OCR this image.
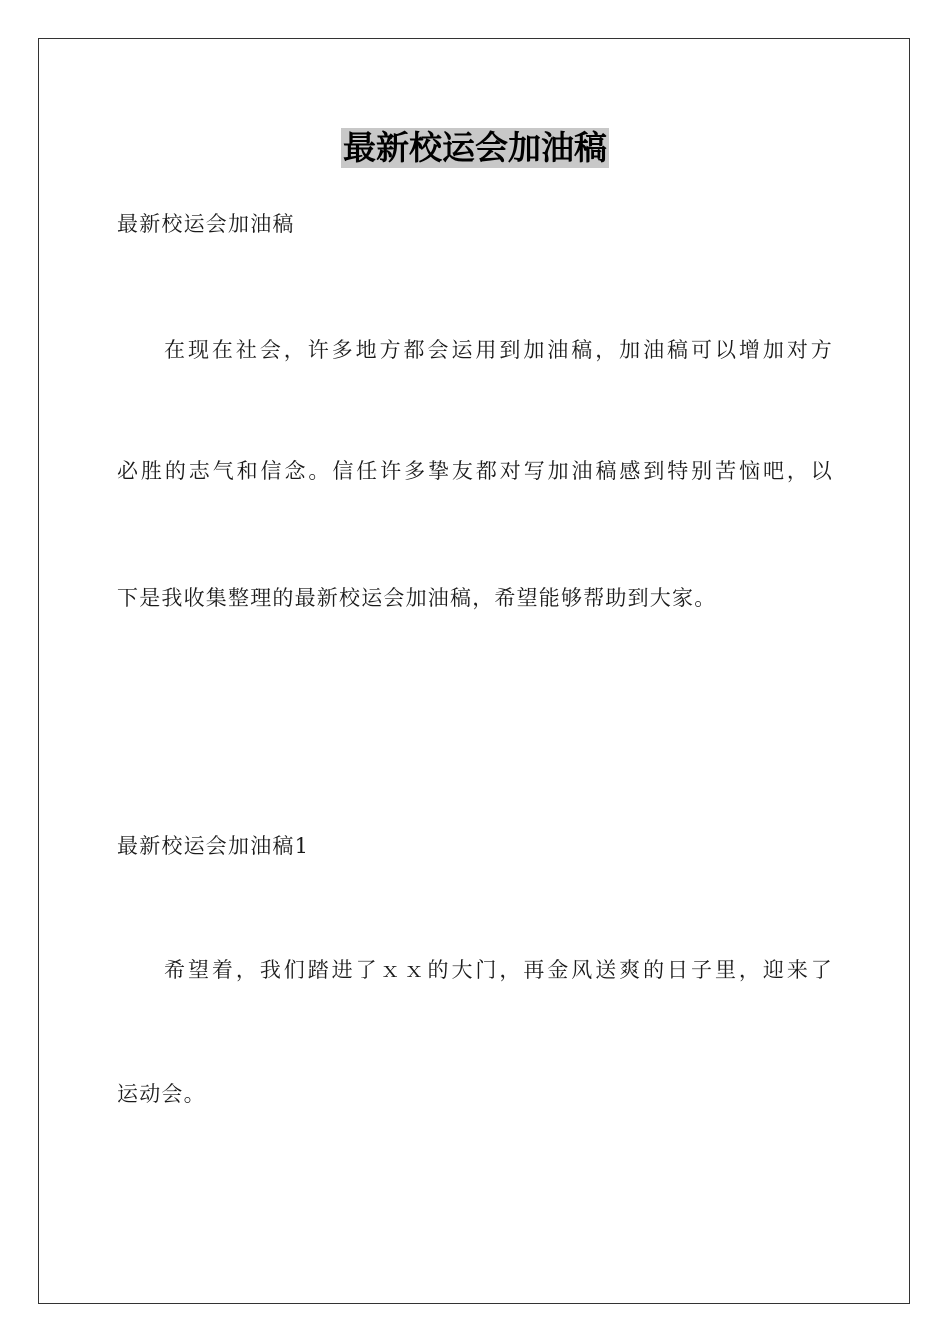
最新校运会加油稿
最新校运会加油稿
在现在社会，许多地方都会运用到加油稿，加油稿可以增加对方
必胜的志气和信念。信任许多挚友都对写加油稿感到特别苦恼吧，以
下是我收集整理的最新校运会加油稿，希望能够帮助到大家。
最新校运会加油稿1
希望着，我们踏进了ｘｘ的大门，再金风送爽的日子里，迎来了
运动会。
